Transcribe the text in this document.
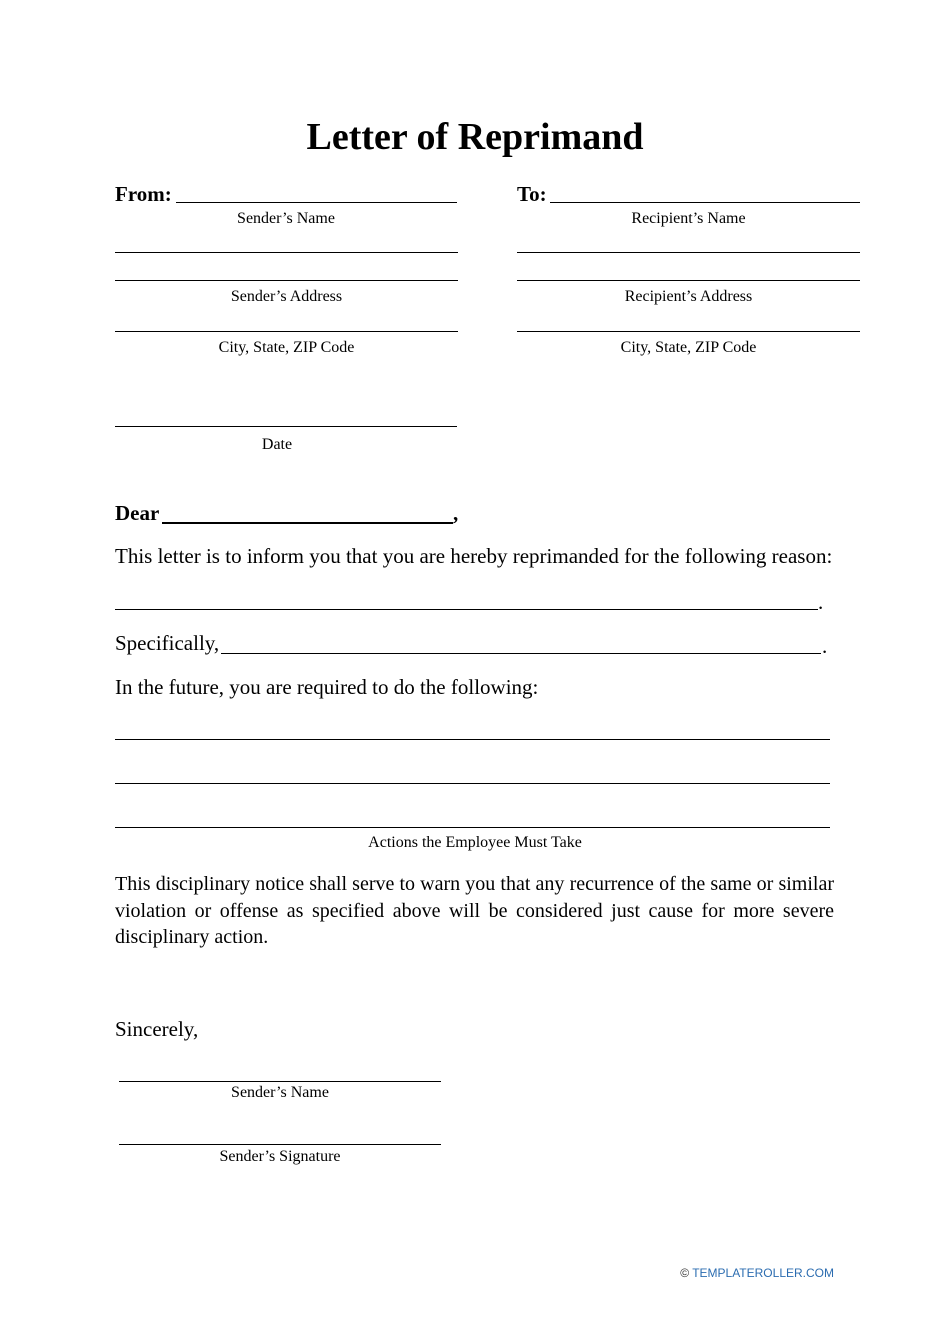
Letter of Reprimand
From:
Sender’s Name
Sender’s Address
City, State, ZIP Code
To:
Recipient’s Name
Recipient’s Address
City, State, ZIP Code
Date
Dear	,
This letter is to inform you that you are hereby reprimanded for the following reason:
.
Specifically,	.
In the future, you are required to do the following:
Actions the Employee Must Take
This disciplinary notice shall serve to warn you that any recurrence of the same or similar violation or offense as specified above will be considered just cause for more severe disciplinary action.
Sincerely,
Sender’s Name
Sender’s Signature
© TEMPLATEROLLER.COM
